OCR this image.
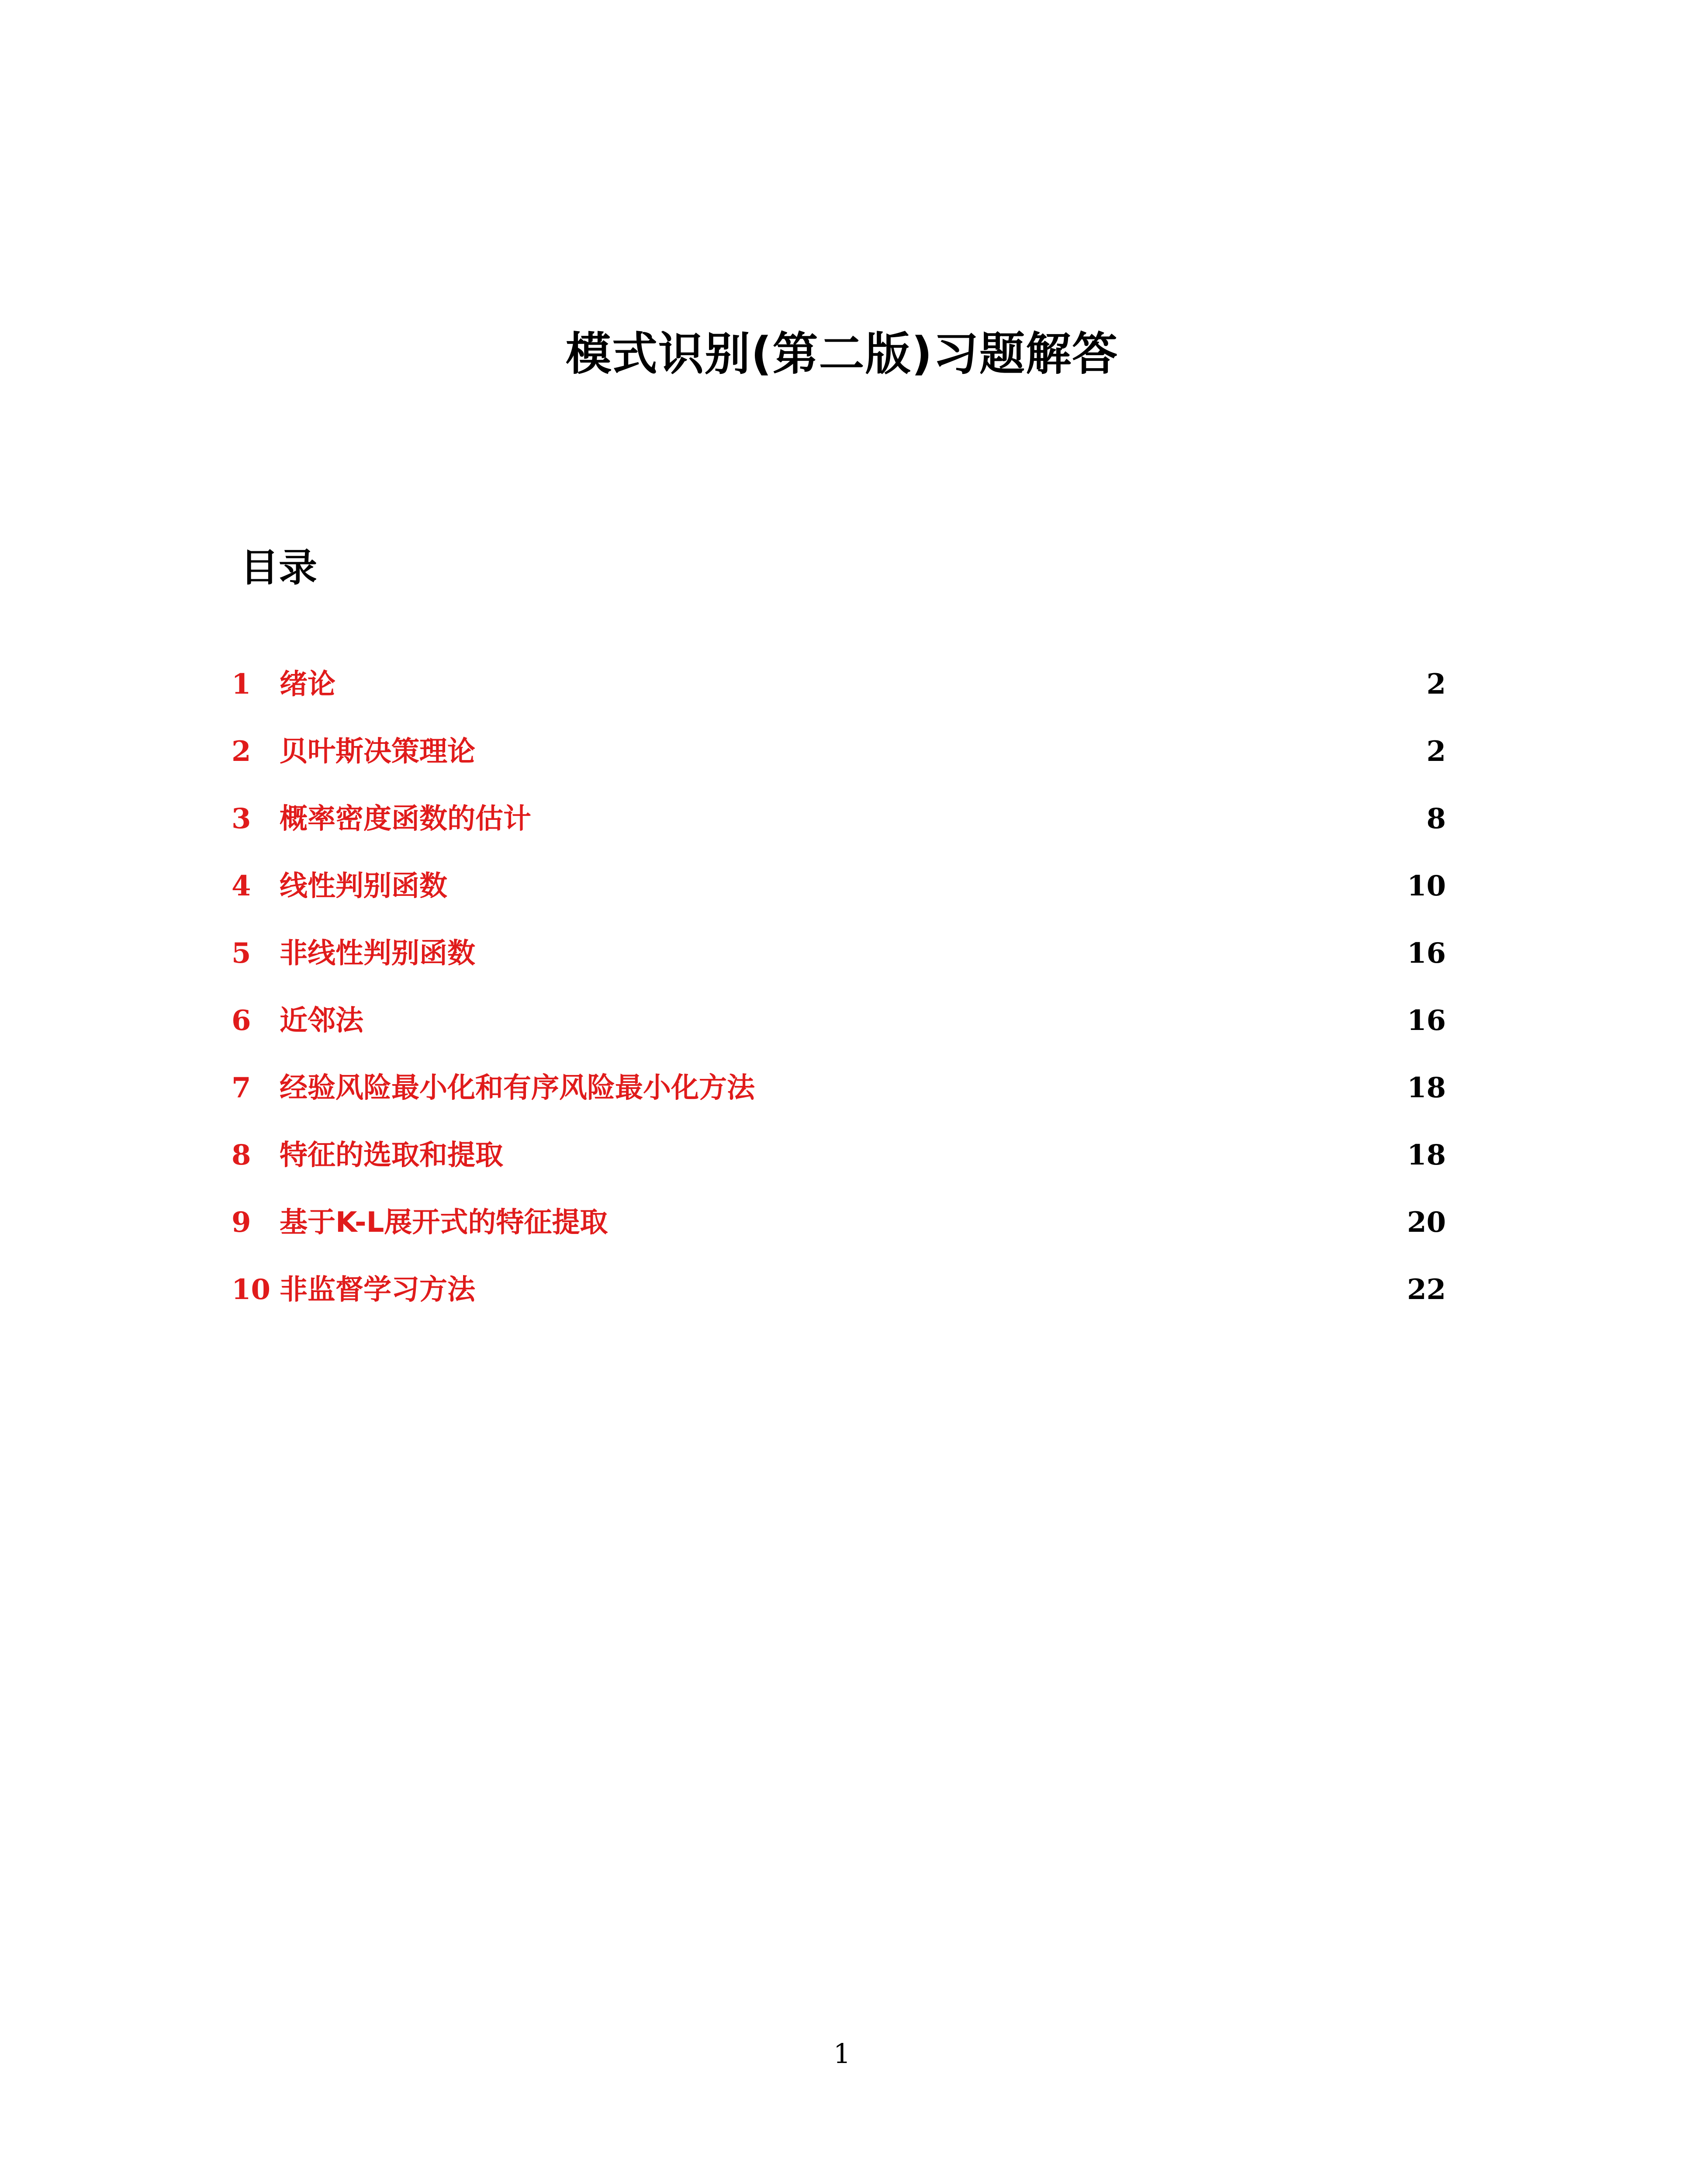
模式识别(第二版)习题解答
目录
1	绪论	2
2	贝叶斯决策理论	2
3	概率密度函数的估计	8
4	线性判别函数	10
5	非线性判别函数	16
6	近邻法	16
7	经验风险最小化和有序风险最小化方法	18
8	特征的选取和提取	18
9	基于K-L展开式的特征提取	20
10 非监督学习方法	22
1
